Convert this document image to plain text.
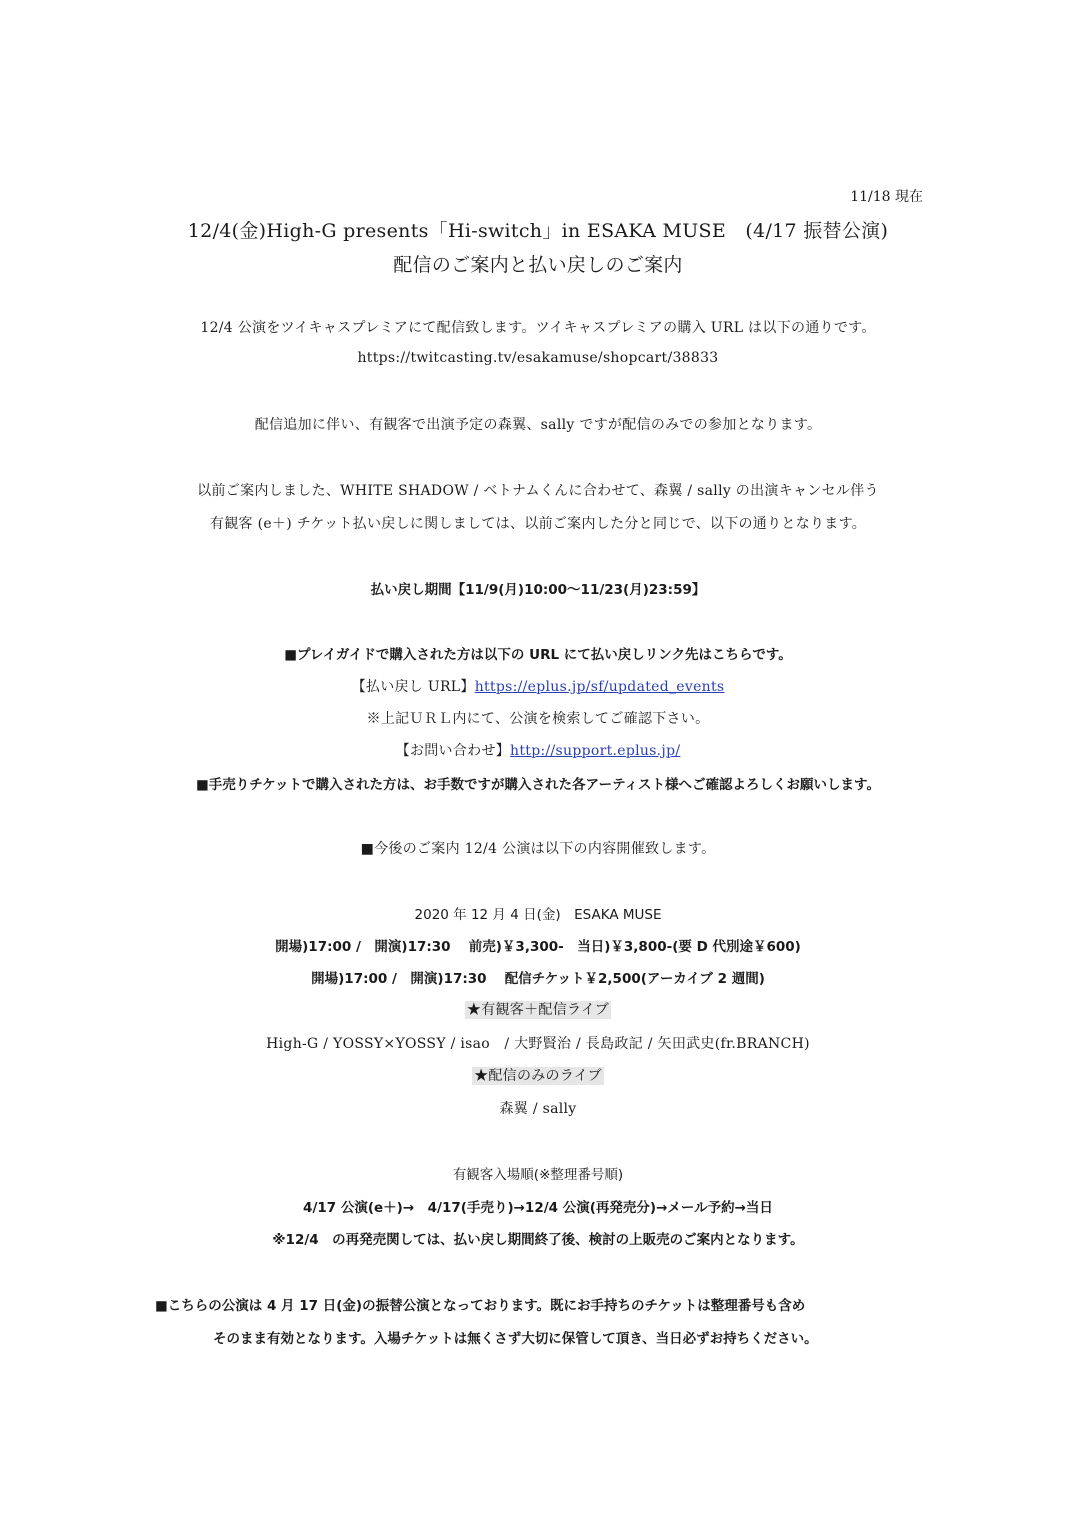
11/18 現在
12/4(金)High-G presents「Hi-switch」in ESAKA MUSE　(4/17 振替公演)
配信のご案内と払い戻しのご案内
12/4 公演をツイキャスプレミアにて配信致します。ツイキャスプレミアの購入 URL は以下の通りです。
https://twitcasting.tv/esakamuse/shopcart/38833
配信追加に伴い、有観客で出演予定の森翼、sally ですが配信のみでの参加となります。
以前ご案内しました、WHITE SHADOW / ベトナムくんに合わせて、森翼 / sally の出演キャンセル伴う
有観客 (e＋) チケット払い戻しに関しましては、以前ご案内した分と同じで、以下の通りとなります。
払い戻し期間【11/9(月)10:00～11/23(月)23:59】
■プレイガイドで購入された方は以下の URL にて払い戻しリンク先はこちらです。
【払い戻し URL】https://eplus.jp/sf/updated_events
※上記ＵＲＬ内にて、公演を検索してご確認下さい。
【お問い合わせ】http://support.eplus.jp/
■手売りチケットで購入された方は、お手数ですが購入された各アーティスト様へご確認よろしくお願いします。
■今後のご案内 12/4 公演は以下の内容開催致します。
2020 年 12 月 4 日(金)　ESAKA MUSE
開場)17:00 /　開演)17:30　 前売)￥3,300-　当日)￥3,800-(要 D 代別途￥600)
開場)17:00 /　開演)17:30　 配信チケット￥2,500(アーカイブ 2 週間)
★有観客＋配信ライブ
High-G / YOSSY×YOSSY / isao　/ 大野賢治 / 長島政記 / 矢田武史(fr.BRANCH)
★配信のみのライブ
森翼 / sally
有観客入場順(※整理番号順)
4/17 公演(e＋)→　4/17(手売り)→12/4 公演(再発売分)→メール予約→当日
※12/4　の再発売関しては、払い戻し期間終了後、検討の上販売のご案内となります。
■こちらの公演は 4 月 17 日(金)の振替公演となっております。既にお手持ちのチケットは整理番号も含め
そのまま有効となります。入場チケットは無くさず大切に保管して頂き、当日必ずお持ちください。
